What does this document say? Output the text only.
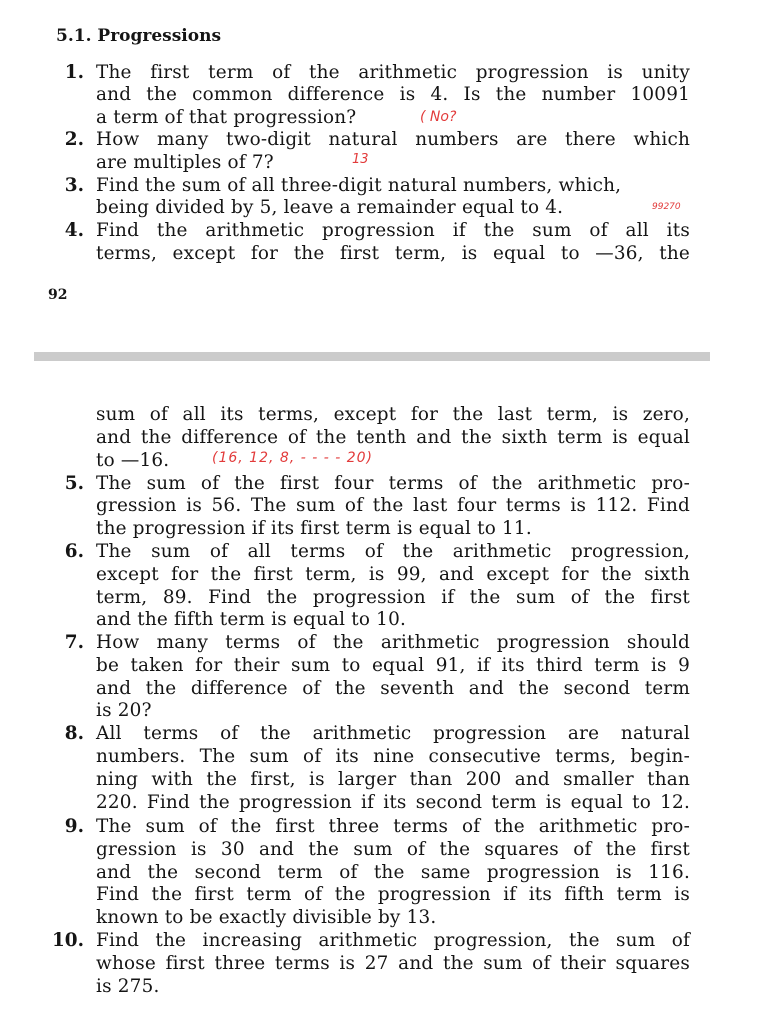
5.1. Progressions
1.
2.
3.
4.
The first term of the arithmetic progression is unity
and the common difference is 4. Is the number 10091
a term of that progression?
How many two-digit natural numbers are there which
are multiples of 7?
Find the sum of all three-digit natural numbers, which,
being divided by 5, leave a remainder equal to 4.
Find the arithmetic progression if the sum of all its
terms, except for the first term, is equal to —36, the
( No?
13
99270
92
5.
6.
7.
8.
9.
10.
sum of all its terms, except for the last term, is zero,
and the difference of the tenth and the sixth term is equal
to —16.
The sum of the first four terms of the arithmetic pro-
gression is 56. The sum of the last four terms is 112. Find
the progression if its first term is equal to 11.
The sum of all terms of the arithmetic progression,
except for the first term, is 99, and except for the sixth
term, 89. Find the progression if the sum of the first
and the fifth term is equal to 10.
How many terms of the arithmetic progression should
be taken for their sum to equal 91, if its third term is 9
and the difference of the seventh and the second term
is 20?
All terms of the arithmetic progression are natural
numbers. The sum of its nine consecutive terms, begin-
ning with the first, is larger than 200 and smaller than
220. Find the progression if its second term is equal to 12.
The sum of the first three terms of the arithmetic pro-
gression is 30 and the sum of the squares of the first
and the second term of the same progression is 116.
Find the first term of the progression if its fifth term is
known to be exactly divisible by 13.
Find the increasing arithmetic progression, the sum of
whose first three terms is 27 and the sum of their squares
is 275.
(16, 12, 8, - - - - 20)
